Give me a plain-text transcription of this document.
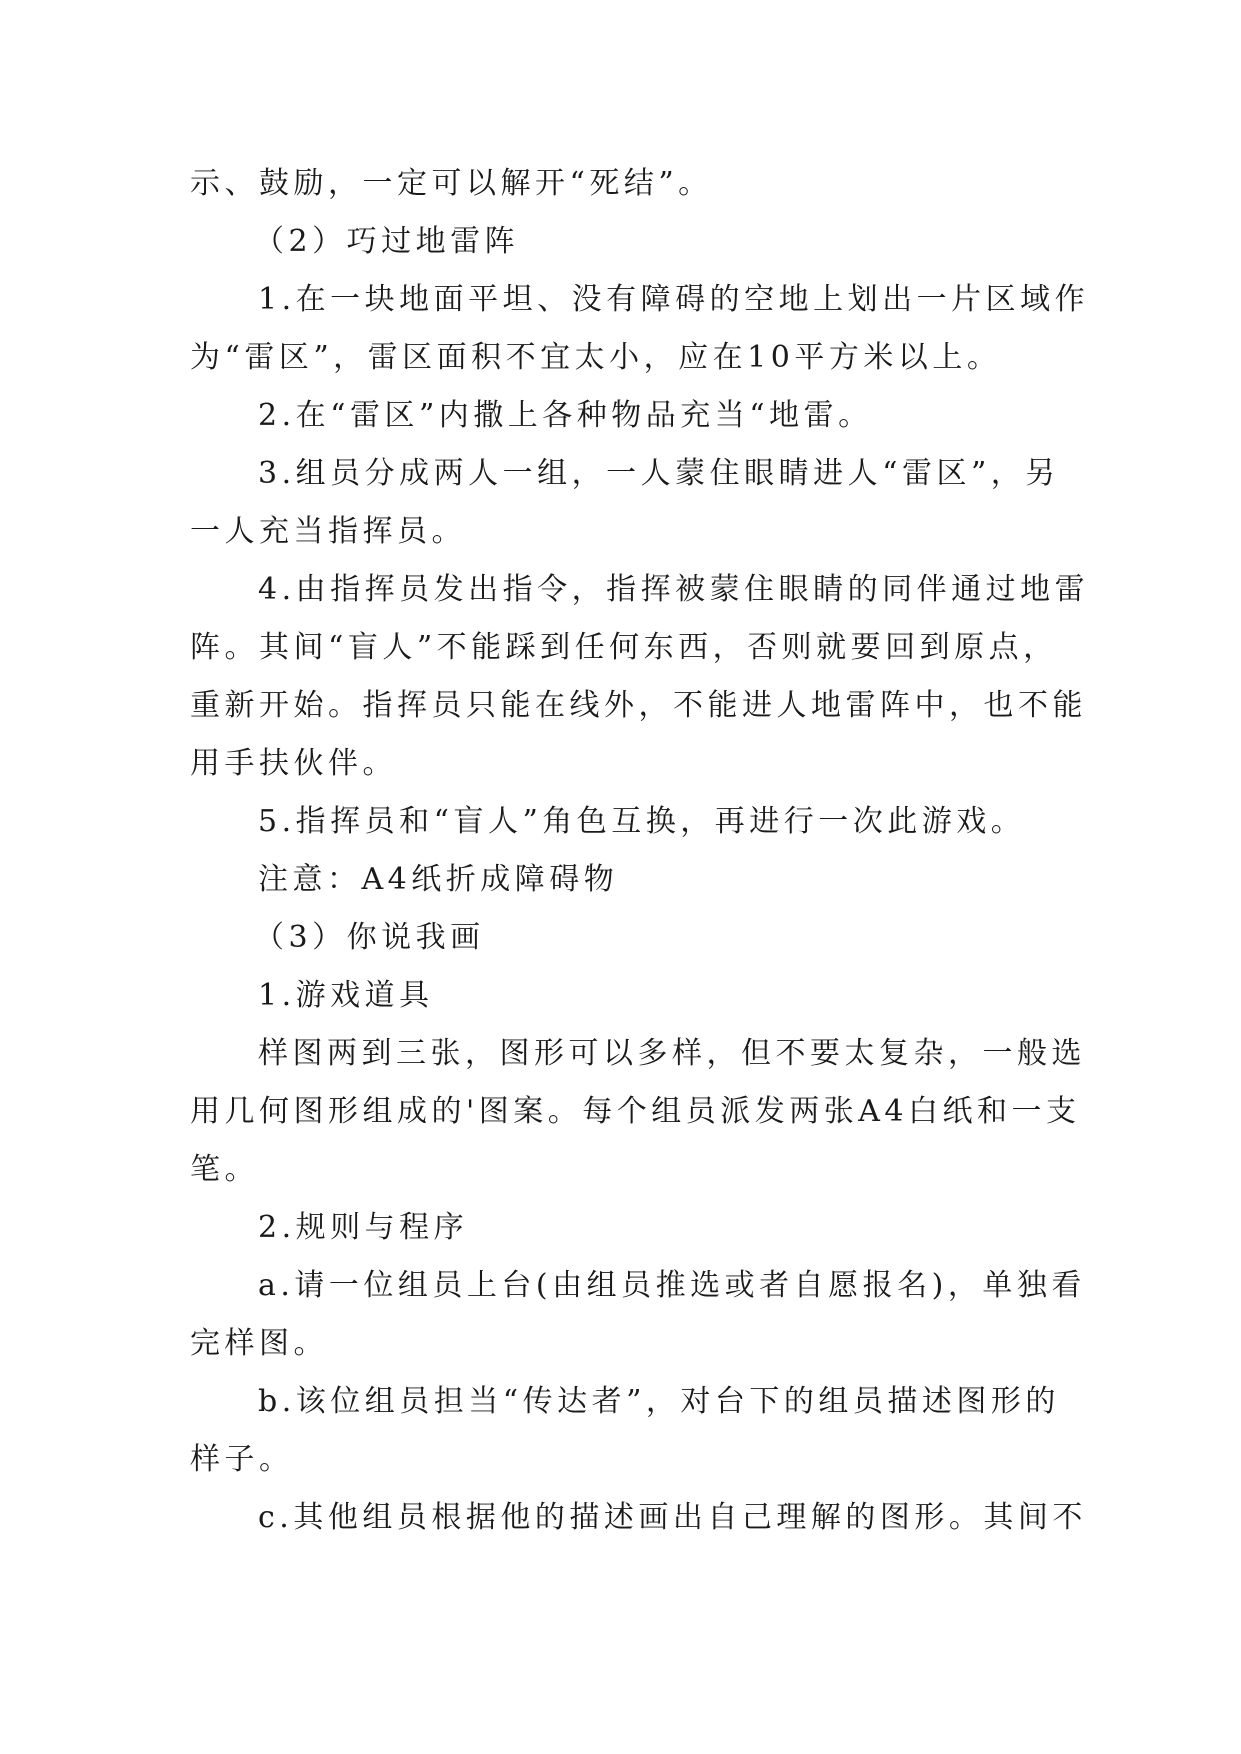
示、鼓励，一定可以解开“死结”。
（2）巧过地雷阵
1.在一块地面平坦、没有障碍的空地上划出一片区域作
为“雷区”，雷区面积不宜太小，应在10平方米以上。
2.在“雷区”内撒上各种物品充当“地雷。
3.组员分成两人一组，一人蒙住眼睛进人“雷区”，另
一人充当指挥员。
4.由指挥员发出指令，指挥被蒙住眼睛的同伴通过地雷
阵。其间“盲人”不能踩到任何东西，否则就要回到原点，
重新开始。指挥员只能在线外，不能进人地雷阵中，也不能
用手扶伙伴。
5.指挥员和“盲人”角色互换，再进行一次此游戏。
注意：A4纸折成障碍物
（3）你说我画
1.游戏道具
样图两到三张，图形可以多样，但不要太复杂，一般选
用几何图形组成的'图案。每个组员派发两张A4白纸和一支
笔。
2.规则与程序
a.请一位组员上台(由组员推选或者自愿报名)，单独看
完样图。
b.该位组员担当“传达者”，对台下的组员描述图形的
样子。
c.其他组员根据他的描述画出自己理解的图形。其间不
